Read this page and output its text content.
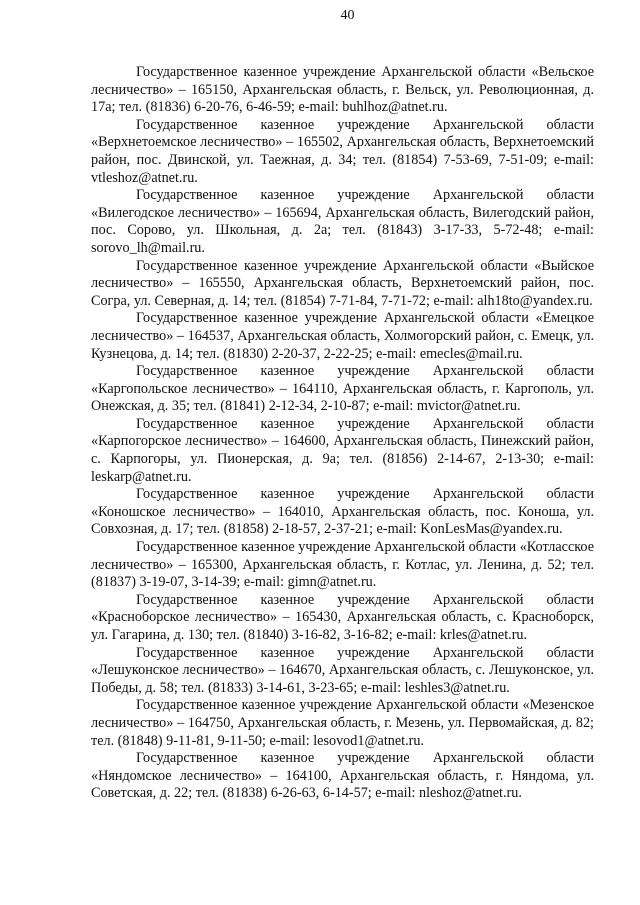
40

Государственное казенное учреждение Архангельской области «Вельское лесничество» – 165150, Архангельская область, г. Вельск, ул. Революционная, д. 17а; тел. (81836) 6-20-76, 6-46-59; e-mail: buhlhoz@atnet.ru.

Государственное казенное учреждение Архангельской области «Верхнетоемское лесничество» – 165502, Архангельская область, Верхнетоемский район, пос. Двинской, ул. Таежная, д. 34; тел. (81854) 7-53-69, 7-51-09; e-mail: vtleshoz@atnet.ru.

Государственное казенное учреждение Архангельской области «Вилегодское лесничество» – 165694, Архангельская область, Вилегодский район, пос. Сорово, ул. Школьная, д. 2а; тел. (81843) 3-17-33, 5-72-48; e-mail: sorovo_lh@mail.ru.

Государственное казенное учреждение Архангельской области «Выйское лесничество» – 165550, Архангельская область, Верхнетоемский район, пос. Согра, ул. Северная, д. 14; тел. (81854) 7-71-84, 7-71-72; e-mail: alh18to@yandex.ru.

Государственное казенное учреждение Архангельской области «Емецкое лесничество» – 164537, Архангельская область, Холмогорский район, с. Емецк, ул. Кузнецова, д. 14; тел. (81830) 2-20-37, 2-22-25; e-mail: emecles@mail.ru.

Государственное казенное учреждение Архангельской области «Каргопольское лесничество» – 164110, Архангельская область, г. Каргополь, ул. Онежская, д. 35; тел. (81841) 2-12-34, 2-10-87; e-mail: mvictor@atnet.ru.

Государственное казенное учреждение Архангельской области «Карпогорское лесничество» – 164600, Архангельская область, Пинежский район, с. Карпогоры, ул. Пионерская, д. 9а; тел. (81856) 2-14-67, 2-13-30; e-mail: leskarp@atnet.ru.

Государственное казенное учреждение Архангельской области «Коношское лесничество» – 164010, Архангельская область, пос. Коноша, ул. Совхозная, д. 17; тел. (81858) 2-18-57, 2-37-21; e-mail: KonLesMas@yandex.ru.

Государственное казенное учреждение Архангельской области «Котласское лесничество» – 165300, Архангельская область, г. Котлас, ул. Ленина, д. 52; тел. (81837) 3-19-07, 3-14-39; e-mail: gimn@atnet.ru.

Государственное казенное учреждение Архангельской области «Красноборское лесничество» – 165430, Архангельская область, с. Красноборск, ул. Гагарина, д. 130; тел. (81840) 3-16-82, 3-16-82; e-mail: krles@atnet.ru.

Государственное казенное учреждение Архангельской области «Лешуконское лесничество» – 164670, Архангельская область, с. Лешуконское, ул. Победы, д. 58; тел. (81833) 3-14-61, 3-23-65; e-mail: leshles3@atnet.ru.

Государственное казенное учреждение Архангельской области «Мезенское лесничество» – 164750, Архангельская область, г. Мезень, ул. Первомайская, д. 82; тел. (81848) 9-11-81, 9-11-50; e-mail: lesovod1@atnet.ru.

Государственное казенное учреждение Архангельской области «Няндомское лесничество» – 164100, Архангельская область, г. Няндома, ул. Советская, д. 22; тел. (81838) 6-26-63, 6-14-57; e-mail: nleshoz@atnet.ru.
